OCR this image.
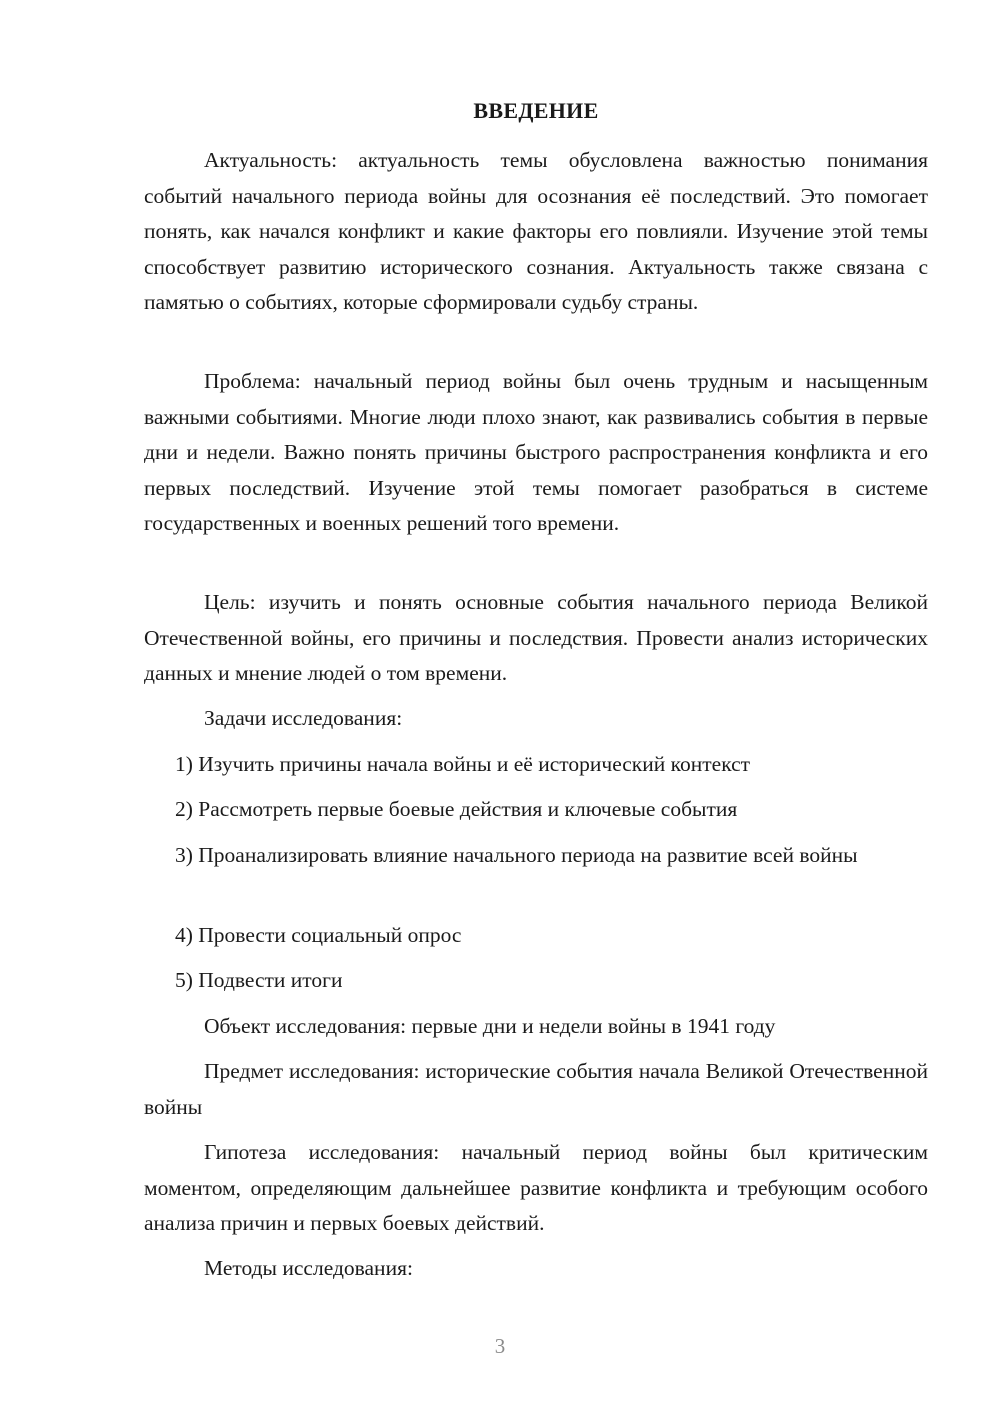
ВВЕДЕНИЕ

Актуальность: актуальность темы обусловлена важностью понимания событий начального периода войны для осознания её последствий. Это помогает понять, как начался конфликт и какие факторы его повлияли. Изучение этой темы способствует развитию исторического сознания. Актуальность также связана с памятью о событиях, которые сформировали судьбу страны.

Проблема: начальный период войны был очень трудным и насыщенным важными событиями. Многие люди плохо знают, как развивались события в первые дни и недели. Важно понять причины быстрого распространения конфликта и его первых последствий. Изучение этой темы помогает разобраться в системе государственных и военных решений того времени.

Цель: изучить и понять основные события начального периода Великой Отечественной войны, его причины и последствия. Провести анализ исторических данных и мнение людей о том времени.

Задачи исследования:

1) Изучить причины начала войны и её исторический контекст

2) Рассмотреть первые боевые действия и ключевые события

3) Проанализировать влияние начального периода на развитие всей войны

4) Провести социальный опрос

5) Подвести итоги

Объект исследования: первые дни и недели войны в 1941 году

Предмет исследования: исторические события начала Великой Отечественной войны

Гипотеза исследования: начальный период войны был критическим моментом, определяющим дальнейшее развитие конфликта и требующим особого анализа причин и первых боевых действий.

Методы исследования:

3
